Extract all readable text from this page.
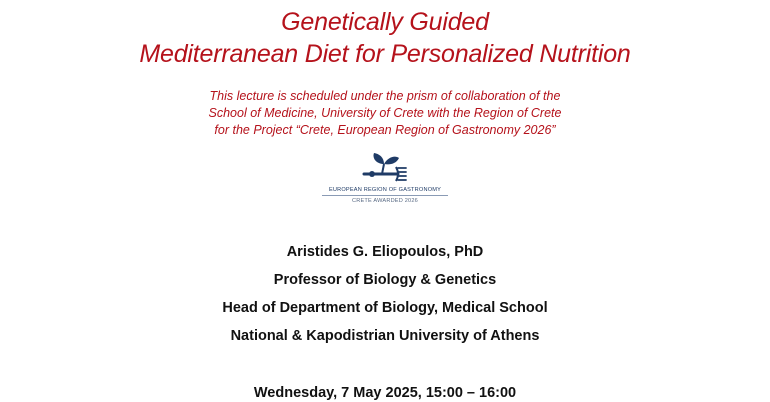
Genetically Guided
Mediterranean Diet for Personalized Nutrition
This lecture is scheduled under the prism of collaboration of the
School of Medicine, University of Crete with the Region of Crete
for the Project “Crete, European Region of Gastronomy 2026”
EUROPEAN REGION OF GASTRONOMY
CRETE AWARDED 2026
Aristides G. Eliopoulos, PhD
Professor of Biology & Genetics
Head of Department of Biology, Medical School
National & Kapodistrian University of Athens
Wednesday, 7 May 2025, 15:00 – 16:00
